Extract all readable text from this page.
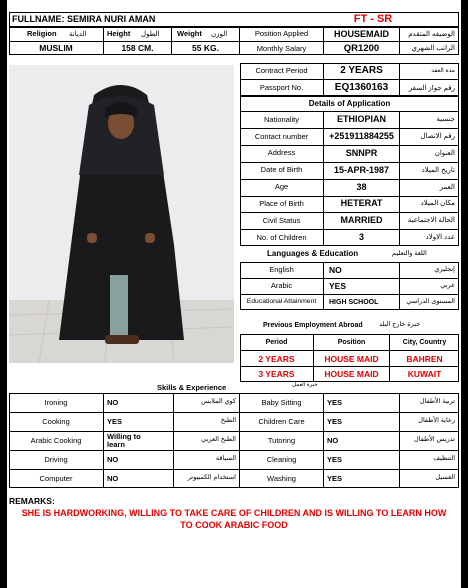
FULLNAME:
SEMIRA NURI AMAN	FT - SR
Religion الديانة
MUSLIM
Height الطول
158 CM.
Weight الوزن
55 KG.
Position Applied	HOUSEMAID	الوضيفه المتقدم
Monthly Salary	QR1200	الراتب الشهري
Contract Period	2 YEARS	مدة العقد
Passport No.	EQ1360163	رقم جواز السفر
Details of Application
Languages & Education	اللغة والتعليم
Previous Employment Abroad	خبرة خارج البلد
Period	Position	City, Country
Skills & Experience	خبرة العمل
REMARKS:
SHE IS HARDWORKING, WILLING TO TAKE CARE OF CHILDREN AND IS WILLING TO LEARN HOW TO COOK ARABIC FOOD
Nationality	ETHIOPIAN	جنسية
Contact number	+251911884255	رقم الاتصال
Address	SNNPR	العنوان
Date of Birth	15-APR-1987	تاريخ الميلاد
Age	38	العمر
Place of Birth	HETERAT	مكان الميلاد
Civil Status	MARRIED	الحالة الاجتماعية
No. of Children	3	عدد الاولاد
English	NO	إنجليزي
Arabic	YES	عربي
Educational Attainment	HIGH SCHOOL	المستوى الدراسي
2 YEARS	HOUSE MAID	BAHREN
3 YEARS	HOUSE MAID	KUWAIT
Ironing	NO	كوي الملابس	Baby Sitting	YES	تربية الأطفال
Cooking	YES	الطبخ	Children Care	YES	رعاية الأطفال
Arabic Cooking	Willing to learn	الطبخ العربي	Tutoring	NO	تدريس الأطفال
Driving	NO	السياقة	Cleaning	YES	التنظيف
Computer	NO	استخدام الكمبيوتر	Washing	YES	الغسيل
